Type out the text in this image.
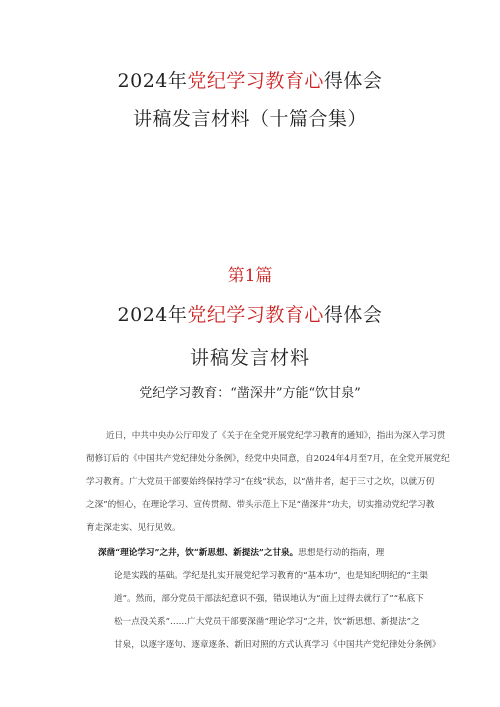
2024年党纪学习教育心得体会
讲稿发言材料（十篇合集）
第1篇
2024年党纪学习教育心得体会
讲稿发言材料
党纪学习教育：“凿深井”方能“饮甘泉”
近日，中共中央办公厅印发了《关于在全党开展党纪学习教育的通知》，指出为深入学习贯
彻修订后的《中国共产党纪律处分条例》，经党中央同意，自2024年4月至7月，在全党开展党纪
学习教育。广大党员干部要始终保持学习“在线”状态，以“凿井者，起于三寸之坎，以就万仞
之深”的恒心，在理论学习、宣传贯彻、带头示范上下足“凿深井”功夫，切实推动党纪学习教
育走深走实、见行见效。
深凿“理论学习”之井，饮“新思想、新提法”之甘泉。思想是行动的指南，理
论是实践的基础。学纪是扎实开展党纪学习教育的“基本功”，也是知纪明纪的“主渠
道”。然而，部分党员干部法纪意识不强，错误地认为“面上过得去就行了”“私底下
松一点没关系”……广大党员干部要深凿“理论学习”之井，饮“新思想、新提法”之
甘泉，以逐字逐句、逐章逐条、新旧对照的方式认真学习《中国共产党纪律处分条例》
